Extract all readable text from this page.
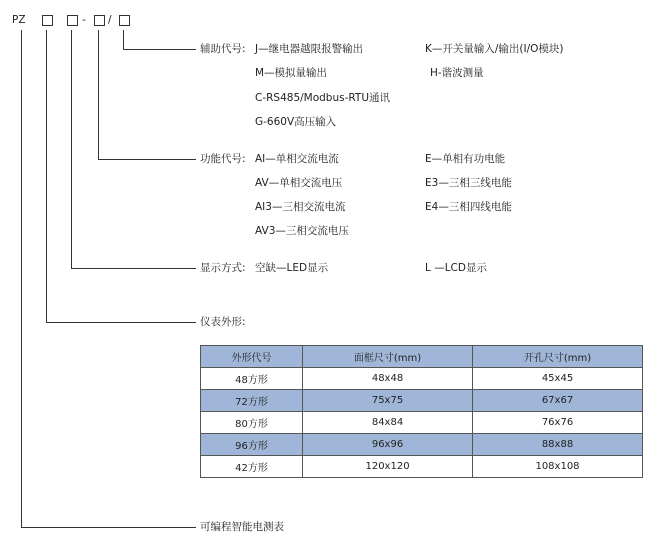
PZ	- /
辅助代号: J—继电器越限报警输出
M—模拟量输出
C-RS485/Modbus-RTU通讯
G-660V高压输入
K—开关量输入/输出(I/O模块)
H-谐波测量
功能代号: AI—单相交流电流
AV—单相交流电压
AI3—三相交流电流
AV3—三相交流电压
E—单相有功电能
E3—三相三线电能
E4—三相四线电能
显示方式: 空缺—LED显示	L —LCD显示
仪表外形:
外形代号	面框尺寸(mm)	开孔尺寸(mm)
48方形	48x48	45x45
72方形	75x75	67x67
80方形	84x84	76x76
96方形	96x96	88x88
42方形	120x120	108x108
可编程智能电测表
